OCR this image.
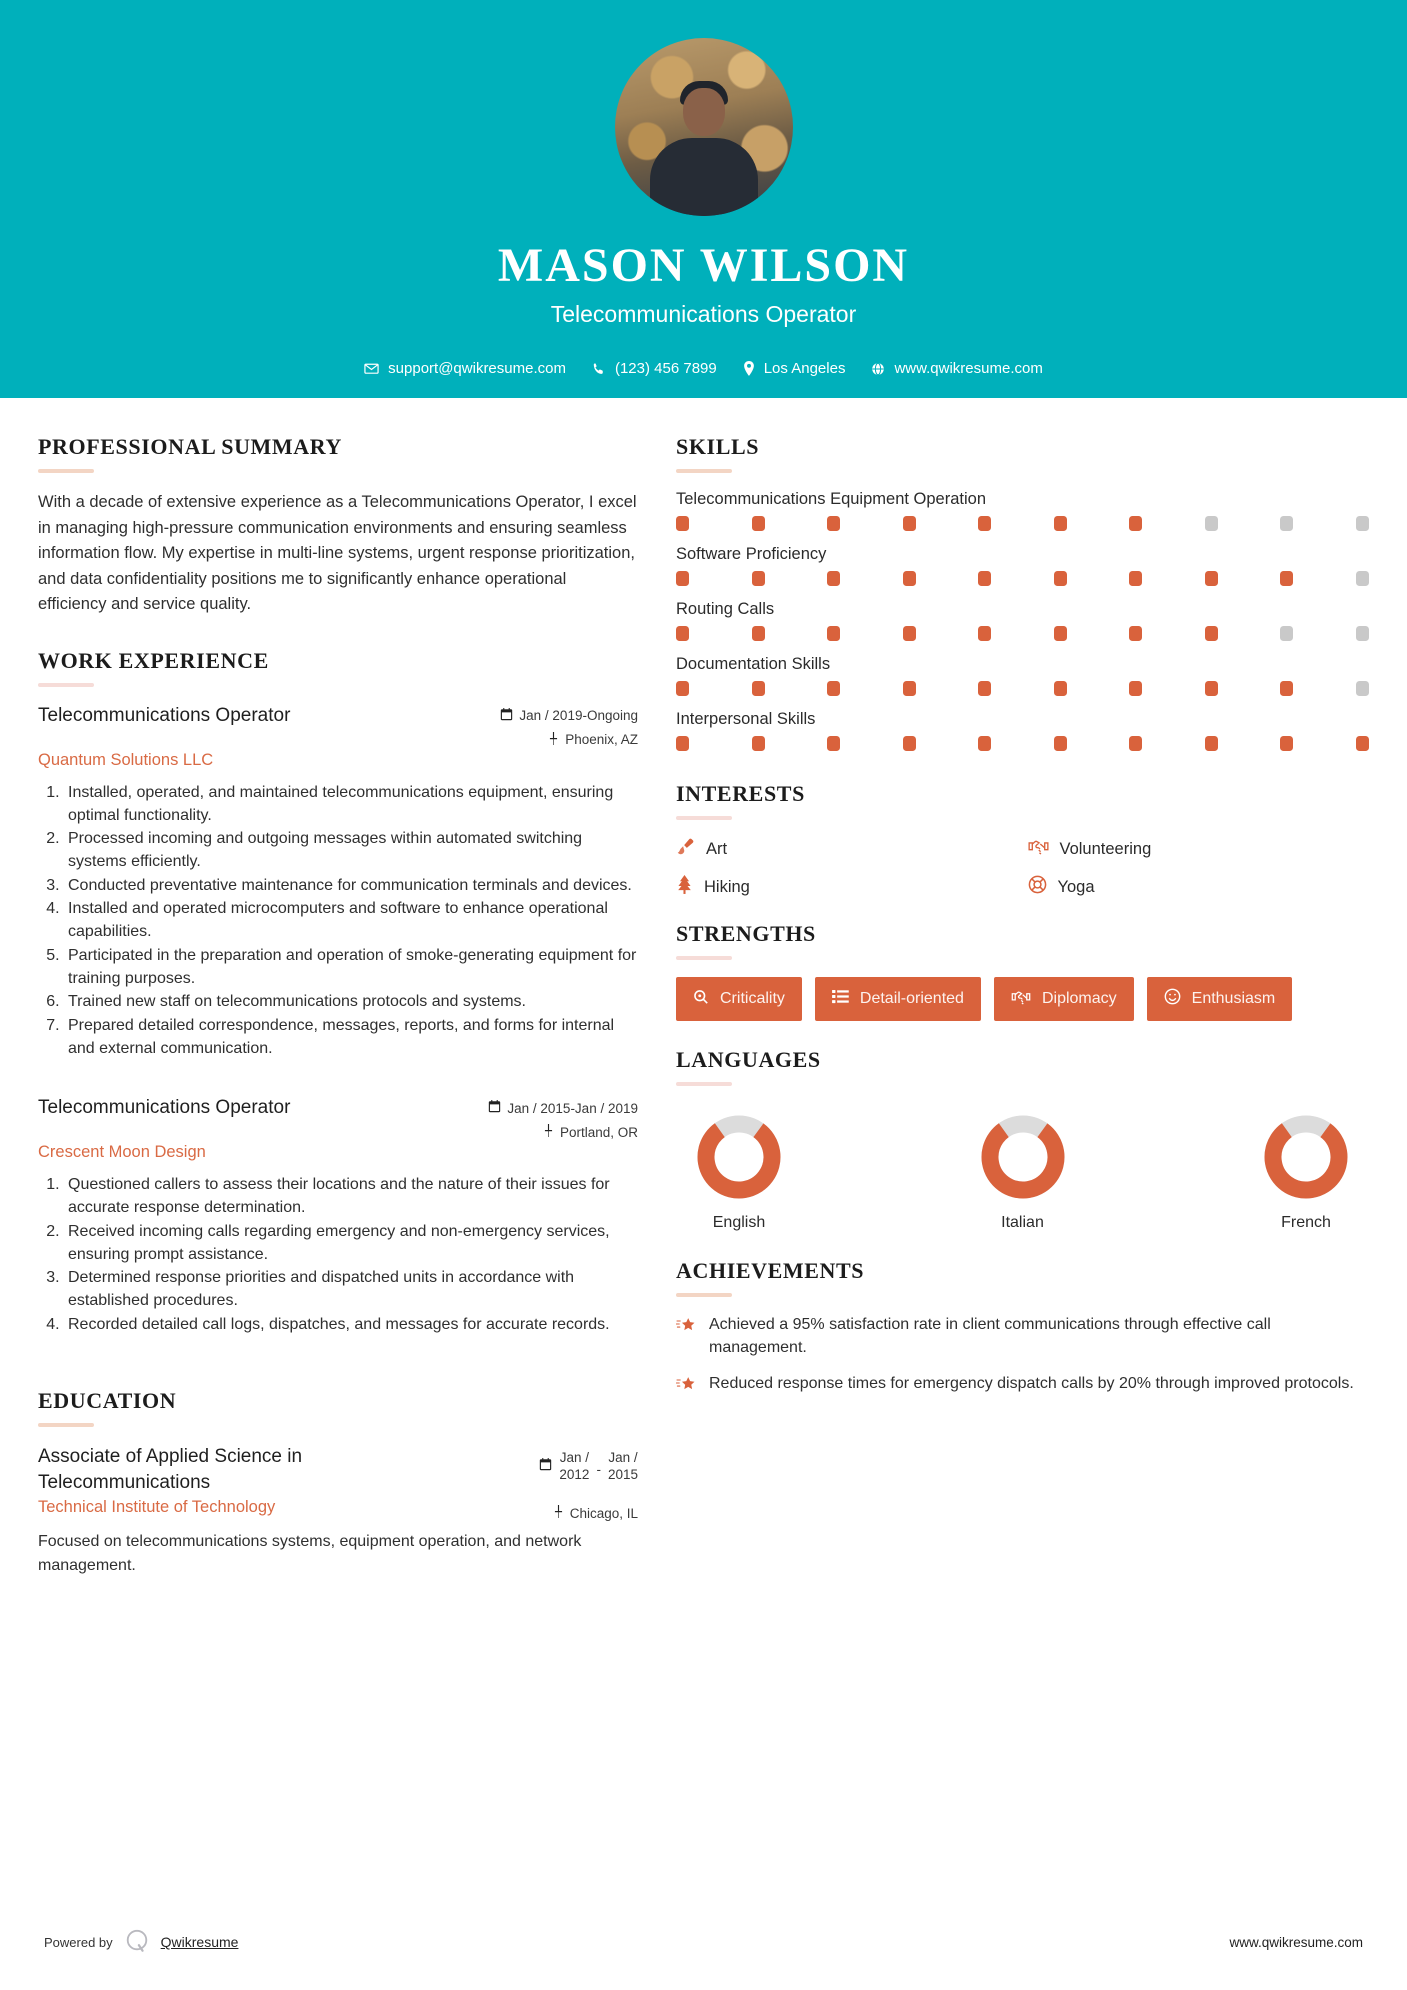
MASON WILSON
Telecommunications Operator
support@qwikresume.com	(123) 456 7899	Los Angeles	www.qwikresume.com
PROFESSIONAL SUMMARY
With a decade of extensive experience as a Telecommunications Operator, I excel in managing high-pressure communication environments and ensuring seamless information flow. My expertise in multi-line systems, urgent response prioritization, and data confidentiality positions me to significantly enhance operational efficiency and service quality.
WORK EXPERIENCE
Telecommunications Operator	Jan / 2019-Ongoing
Phoenix, AZ
Quantum Solutions LLC
1. Installed, operated, and maintained telecommunications equipment, ensuring optimal functionality.
2. Processed incoming and outgoing messages within automated switching systems efficiently.
3. Conducted preventative maintenance for communication terminals and devices.
4. Installed and operated microcomputers and software to enhance operational capabilities.
5. Participated in the preparation and operation of smoke-generating equipment for training purposes.
6. Trained new staff on telecommunications protocols and systems.
7. Prepared detailed correspondence, messages, reports, and forms for internal and external communication.
Telecommunications Operator	Jan / 2015-Jan / 2019
Portland, OR
Crescent Moon Design
1. Questioned callers to assess their locations and the nature of their issues for accurate response determination.
2. Received incoming calls regarding emergency and non-emergency services, ensuring prompt assistance.
3. Determined response priorities and dispatched units in accordance with established procedures.
4. Recorded detailed call logs, dispatches, and messages for accurate records.
EDUCATION
Associate of Applied Science in Telecommunications
Jan /
2012 -
Jan /
2015
Technical Institute of Technology	Chicago, IL
Focused on telecommunications systems, equipment operation, and network management.
SKILLS
Telecommunications Equipment Operation
Software Proficiency
Routing Calls
Documentation Skills
Interpersonal Skills
INTERESTS
Art	Volunteering
Hiking	Yoga
STRENGTHS
Criticality	Detail-oriented	Diplomacy	Enthusiasm
LANGUAGES
English	Italian	French
ACHIEVEMENTS
Achieved a 95% satisfaction rate in client communications through effective call management.
Reduced response times for emergency dispatch calls by 20% through improved protocols.
Powered by	Qwikresume	www.qwikresume.com
